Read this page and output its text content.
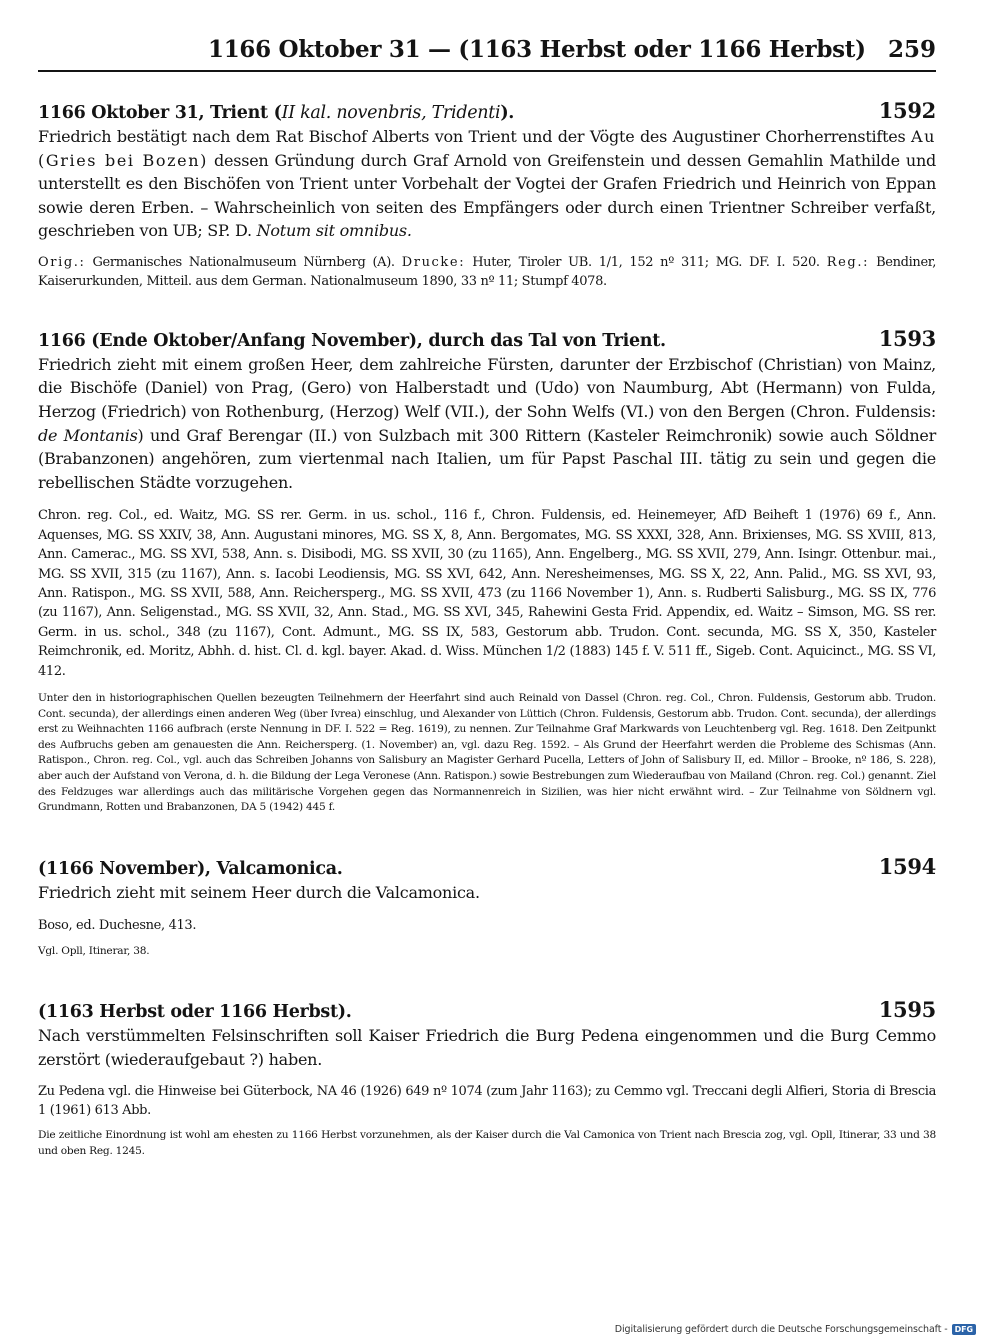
1166 Oktober 31 — (1163 Herbst oder 1166 Herbst) 259
1166 Oktober 31, Trient (II kal. novenbris, Tridenti).	1592

Friedrich bestätigt nach dem Rat Bischof Alberts von Trient und der Vögte des Augustiner Chorherrenstiftes Au (Gries bei Bozen) dessen Gründung durch Graf Arnold von Greifenstein und dessen Gemahlin Mathilde und unterstellt es den Bischöfen von Trient unter Vorbehalt der Vogtei der Grafen Friedrich und Heinrich von Eppan sowie deren Erben. – Wahrscheinlich von seiten des Empfängers oder durch einen Trientner Schreiber verfaßt, geschrieben von UB; SP. D. Notum sit omnibus.

Orig.: Germanisches Nationalmuseum Nürnberg (A). Drucke: Huter, Tiroler UB. 1/1, 152 nº 311; MG. DF. I. 520. Reg.: Bendiner, Kaiserurkunden, Mitteil. aus dem German. Nationalmuseum 1890, 33 nº 11; Stumpf 4078.

1166 (Ende Oktober/Anfang November), durch das Tal von Trient.	1593

Friedrich zieht mit einem großen Heer, dem zahlreiche Fürsten, darunter der Erzbischof (Christian) von Mainz, die Bischöfe (Daniel) von Prag, (Gero) von Halberstadt und (Udo) von Naumburg, Abt (Hermann) von Fulda, Herzog (Friedrich) von Rothenburg, (Herzog) Welf (VII.), der Sohn Welfs (VI.) von den Bergen (Chron. Fuldensis: de Montanis) und Graf Berengar (II.) von Sulzbach mit 300 Rittern (Kasteler Reimchronik) sowie auch Söldner (Brabanzonen) angehören, zum viertenmal nach Italien, um für Papst Paschal III. tätig zu sein und gegen die rebellischen Städte vorzugehen.

Chron. reg. Col., ed. Waitz, MG. SS rer. Germ. in us. schol., 116 f., Chron. Fuldensis, ed. Heinemeyer, AfD Beiheft 1 (1976) 69 f., Ann. Aquenses, MG. SS XXIV, 38, Ann. Augustani minores, MG. SS X, 8, Ann. Bergomates, MG. SS XXXI, 328, Ann. Brixienses, MG. SS XVIII, 813, Ann. Camerac., MG. SS XVI, 538, Ann. s. Disibodi, MG. SS XVII, 30 (zu 1165), Ann. Engelberg., MG. SS XVII, 279, Ann. Isingr. Ottenbur. mai., MG. SS XVII, 315 (zu 1167), Ann. s. Iacobi Leodiensis, MG. SS XVI, 642, Ann. Neresheimenses, MG. SS X, 22, Ann. Palid., MG. SS XVI, 93, Ann. Ratispon., MG. SS XVII, 588, Ann. Reichersperg., MG. SS XVII, 473 (zu 1166 November 1), Ann. s. Rudberti Salisburg., MG. SS IX, 776 (zu 1167), Ann. Seligenstad., MG. SS XVII, 32, Ann. Stad., MG. SS XVI, 345, Rahewini Gesta Frid. Appendix, ed. Waitz – Simson, MG. SS rer. Germ. in us. schol., 348 (zu 1167), Cont. Admunt., MG. SS IX, 583, Gestorum abb. Trudon. Cont. secunda, MG. SS X, 350, Kasteler Reimchronik, ed. Moritz, Abhh. d. hist. Cl. d. kgl. bayer. Akad. d. Wiss. München 1/2 (1883) 145 f. V. 511 ff., Sigeb. Cont. Aquicinct., MG. SS VI, 412.

Unter den in historiographischen Quellen bezeugten Teilnehmern der Heerfahrt sind auch Reinald von Dassel (Chron. reg. Col., Chron. Fuldensis, Gestorum abb. Trudon. Cont. secunda), der allerdings einen anderen Weg (über Ivrea) einschlug, und Alexander von Lüttich (Chron. Fuldensis, Gestorum abb. Trudon. Cont. secunda), der allerdings erst zu Weihnachten 1166 aufbrach (erste Nennung in DF. I. 522 = Reg. 1619), zu nennen. Zur Teilnahme Graf Markwards von Leuchtenberg vgl. Reg. 1618. Den Zeitpunkt des Aufbruchs geben am genauesten die Ann. Reichersperg. (1. November) an, vgl. dazu Reg. 1592. – Als Grund der Heerfahrt werden die Probleme des Schismas (Ann. Ratispon., Chron. reg. Col., vgl. auch das Schreiben Johanns von Salisbury an Magister Gerhard Pucella, Letters of John of Salisbury II, ed. Millor – Brooke, nº 186, S. 228), aber auch der Aufstand von Verona, d. h. die Bildung der Lega Veronese (Ann. Ratispon.) sowie Bestrebungen zum Wiederaufbau von Mailand (Chron. reg. Col.) genannt. Ziel des Feldzuges war allerdings auch das militärische Vorgehen gegen das Normannenreich in Sizilien, was hier nicht erwähnt wird. – Zur Teilnahme von Söldnern vgl. Grundmann, Rotten und Brabanzonen, DA 5 (1942) 445 f.

(1166 November), Valcamonica.	1594

Friedrich zieht mit seinem Heer durch die Valcamonica.

Boso, ed. Duchesne, 413.

Vgl. Opll, Itinerar, 38.

(1163 Herbst oder 1166 Herbst).	1595

Nach verstümmelten Felsinschriften soll Kaiser Friedrich die Burg Pedena eingenommen und die Burg Cemmo zerstört (wiederaufgebaut ?) haben.

Zu Pedena vgl. die Hinweise bei Güterbock, NA 46 (1926) 649 nº 1074 (zum Jahr 1163); zu Cemmo vgl. Treccani degli Alfieri, Storia di Brescia 1 (1961) 613 Abb.

Die zeitliche Einordnung ist wohl am ehesten zu 1166 Herbst vorzunehmen, als der Kaiser durch die Val Camonica von Trient nach Brescia zog, vgl. Opll, Itinerar, 33 und 38 und oben Reg. 1245.

Digitalisierung gefördert durch die Deutsche Forschungsgemeinschaft - DFG
